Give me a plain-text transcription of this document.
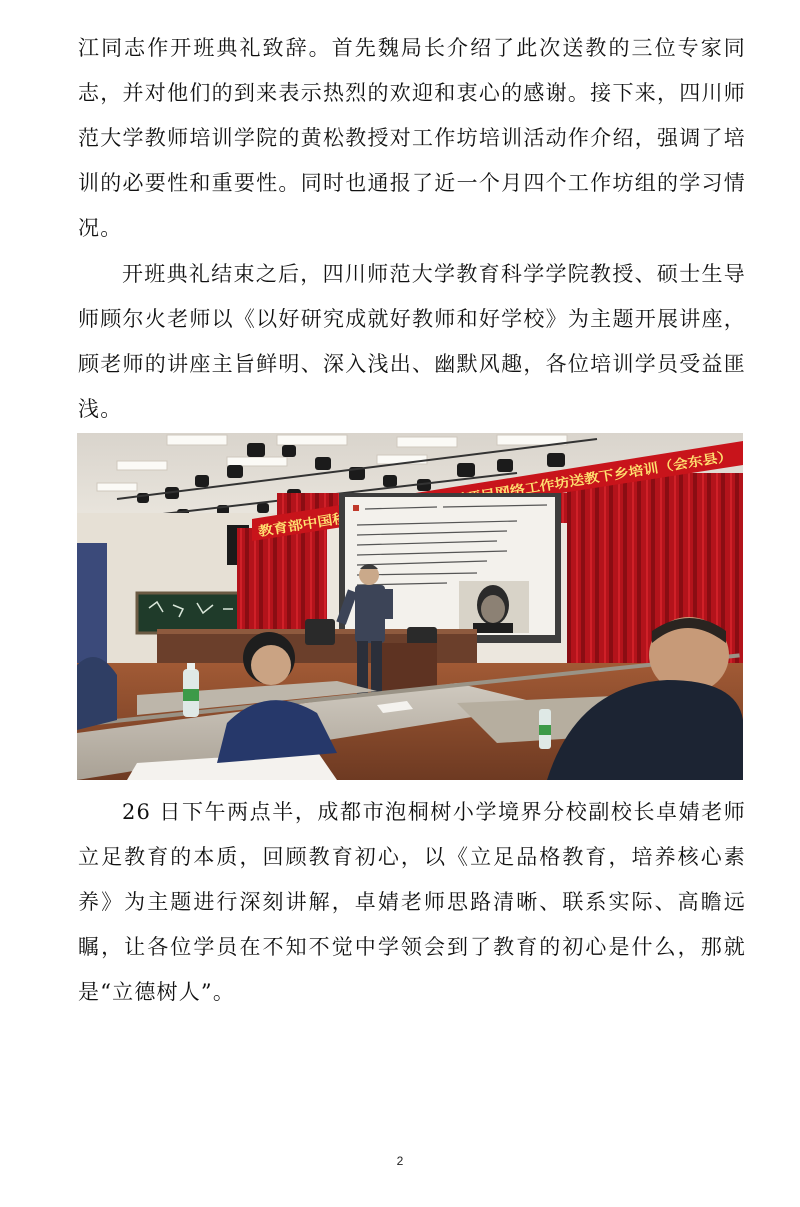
江同志作开班典礼致辞。首先魏局长介绍了此次送教的三位专家同志，并对他们的到来表示热烈的欢迎和衷心的感谢。接下来，四川师范大学教师培训学院的黄松教授对工作坊培训活动作介绍，强调了培训的必要性和重要性。同时也通报了近一个月四个工作坊组的学习情况。

开班典礼结束之后，四川师范大学教育科学学院教授、硕士生导师顾尔火老师以《以好研究成就好教师和好学校》为主题开展讲座，顾老师的讲座主旨鲜明、深入浅出、幽默风趣，各位培训学员受益匪浅。

26 日下午两点半，成都市泡桐树小学境界分校副校长卓婧老师立足教育的本质，回顾教育初心，以《立足品格教育，培养核心素养》为主题进行深刻讲解，卓婧老师思路清晰、联系实际、高瞻远瞩，让各位学员在不知不觉中学领会到了教育的初心是什么，那就是“立德树人”。

2
